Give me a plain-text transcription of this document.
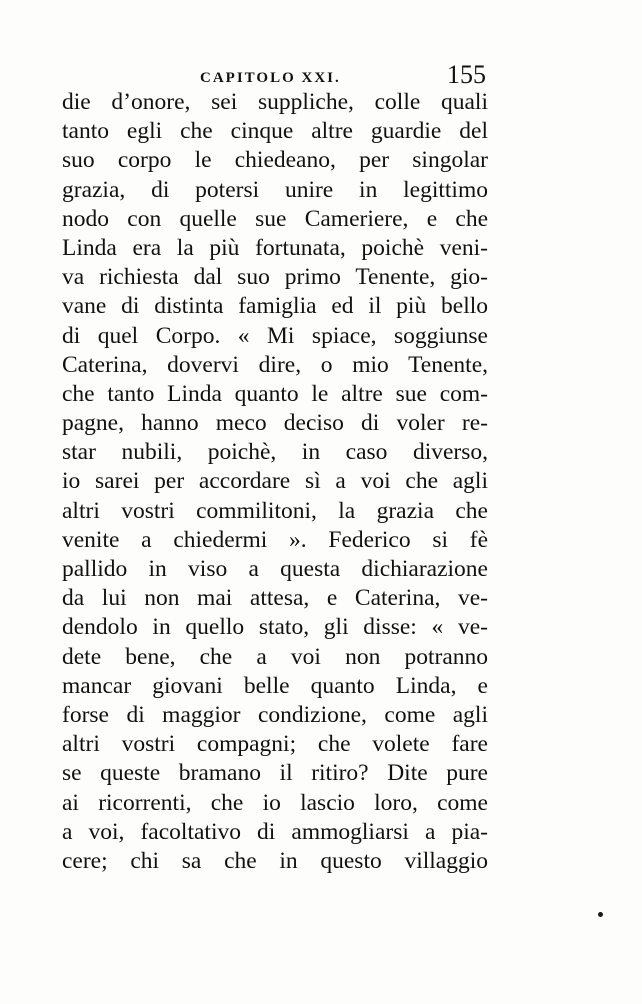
CAPITOLO XXI.	155
die d’onore, sei suppliche, colle quali
tanto egli che cinque altre guardie del
suo corpo le chiedeano, per singolar
grazia, di potersi unire in legittimo
nodo con quelle sue Cameriere, e che
Linda era la più fortunata, poichè veni-
va richiesta dal suo primo Tenente, gio-
vane di distinta famiglia ed il più bello
di quel Corpo. « Mi spiace, soggiunse
Caterina, dovervi dire, o mio Tenente,
che tanto Linda quanto le altre sue com-
pagne, hanno meco deciso di voler re-
star nubili, poichè, in caso diverso,
io sarei per accordare sì a voi che agli
altri vostri commilitoni, la grazia che
venite a chiedermi ». Federico si fè
pallido in viso a questa dichiarazione
da lui non mai attesa, e Caterina, ve-
dendolo in quello stato, gli disse: « ve-
dete bene, che a voi non potranno
mancar giovani belle quanto Linda, e
forse di maggior condizione, come agli
altri vostri compagni; che volete fare
se queste bramano il ritiro? Dite pure
ai ricorrenti, che io lascio loro, come
a voi, facoltativo di ammogliarsi a pia-
cere; chi sa che in questo villaggio
